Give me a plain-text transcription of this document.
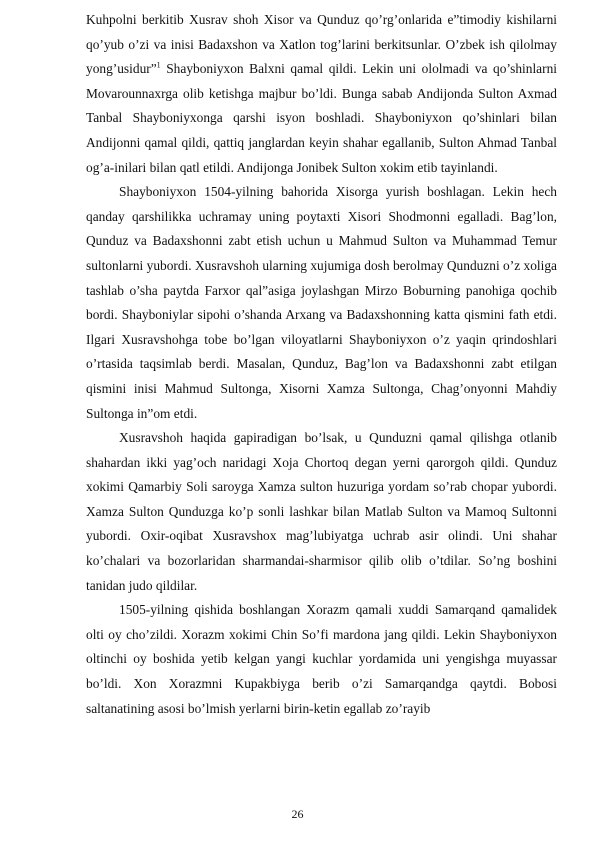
Kuhpolni berkitib Xusrav shoh Xisor va Qunduz qo’rg’onlarida e”timodiy kishilarni qo’yub o’zi va inisi Badaxshon va Xatlon tog’larini berkitsunlar. O’zbek ish qilolmay yong’usidur”$^1$ Shayboniyxon Balxni qamal qildi. Lekin uni ololmadi va qo’shinlarni Movarounnaxrga olib ketishga majbur bo’ldi. Bunga sabab Andijonda Sulton Axmad Tanbal Shayboniyxonga qarshi isyon boshladi. Shayboniyxon qo’shinlari bilan Andijonni qamal qildi, qattiq janglardan keyin shahar egallanib, Sulton Ahmad Tanbal og’a-inilari bilan qatl etildi. Andijonga Jonibek Sulton xokim etib tayinlandi.

Shayboniyxon 1504-yilning bahorida Xisorga yurish boshlagan. Lekin hech qanday qarshilikka uchramay uning poytaxti Xisori Shodmonni egalladi. Bag’lon, Qunduz va Badaxshonni zabt etish uchun u Mahmud Sulton va Muhammad Temur sultonlarni yubordi. Xusravshoh ularning xujumiga dosh berolmay Qunduzni o’z xoliga tashlab o’sha paytda Farxor qal”asiga joylashgan Mirzo Boburning panohiga qochib bordi. Shayboniylar sipohi o’shanda Arxang va Badaxshonning katta qismini fath etdi. Ilgari Xusravshohga tobe bo’lgan viloyatlarni Shayboniyxon o’z yaqin qrindoshlari o’rtasida taqsimlab berdi. Masalan, Qunduz, Bag’lon va Badaxshonni zabt etilgan qismini inisi Mahmud Sultonga, Xisorni Xamza Sultonga, Chag’onyonni Mahdiy Sultonga in”om etdi.

Xusravshoh haqida gapiradigan bo’lsak, u Qunduzni qamal qilishga otlanib shahardan ikki yag’och naridagi Xoja Chortoq degan yerni qarorgoh qildi. Qunduz xokimi Qamarbiy Soli saroyga Xamza sulton huzuriga yordam so’rab chopar yubordi. Xamza Sulton Qunduzga ko’p sonli lashkar bilan Matlab Sulton va Mamoq Sultonni yubordi. Oxir-oqibat Xusravshox mag’lubiyatga uchrab asir olindi. Uni shahar ko’chalari va bozorlaridan sharmandai-sharmisor qilib olib o’tdilar. So’ng boshini tanidan judo qildilar.

1505-yilning qishida boshlangan Xorazm qamali xuddi Samarqand qamalidek olti oy cho’zildi. Xorazm xokimi Chin So’fi mardona jang qildi. Lekin Shayboniyxon oltinchi oy boshida yetib kelgan yangi kuchlar yordamida uni yengishga muyassar bo’ldi. Xon Xorazmni Kupakbiyga berib o’zi Samarqandga qaytdi. Bobosi saltanatining asosi bo’lmish yerlarni birin-ketin egallab zo’rayib

26
